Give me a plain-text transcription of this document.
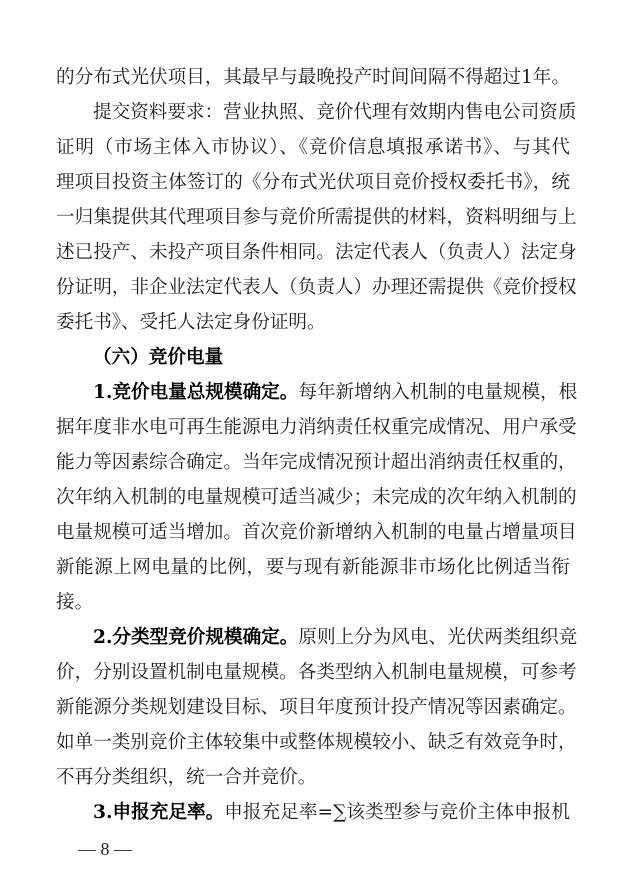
的分布式光伏项目，其最早与最晚投产时间间隔不得超过1年。
提交资料要求：营业执照、竞价代理有效期内售电公司资质
证明（市场主体入市协议）、《竞价信息填报承诺书》、与其代
理项目投资主体签订的《分布式光伏项目竞价授权委托书》，统
一归集提供其代理项目参与竞价所需提供的材料，资料明细与上
述已投产、未投产项目条件相同。法定代表人（负责人）法定身
份证明，非企业法定代表人（负责人）办理还需提供《竞价授权
委托书》、受托人法定身份证明。
（六）竞价电量
1.竞价电量总规模确定。每年新增纳入机制的电量规模，根
据年度非水电可再生能源电力消纳责任权重完成情况、用户承受
能力等因素综合确定。当年完成情况预计超出消纳责任权重的，
次年纳入机制的电量规模可适当减少；未完成的次年纳入机制的
电量规模可适当增加。首次竞价新增纳入机制的电量占增量项目
新能源上网电量的比例，要与现有新能源非市场化比例适当衔
接。
2.分类型竞价规模确定。原则上分为风电、光伏两类组织竞
价，分别设置机制电量规模。各类型纳入机制电量规模，可参考
新能源分类规划建设目标、项目年度预计投产情况等因素确定。
如单一类别竞价主体较集中或整体规模较小、缺乏有效竞争时，
不再分类组织，统一合并竞价。
3.申报充足率。申报充足率=∑该类型参与竞价主体申报机
— 8 —
